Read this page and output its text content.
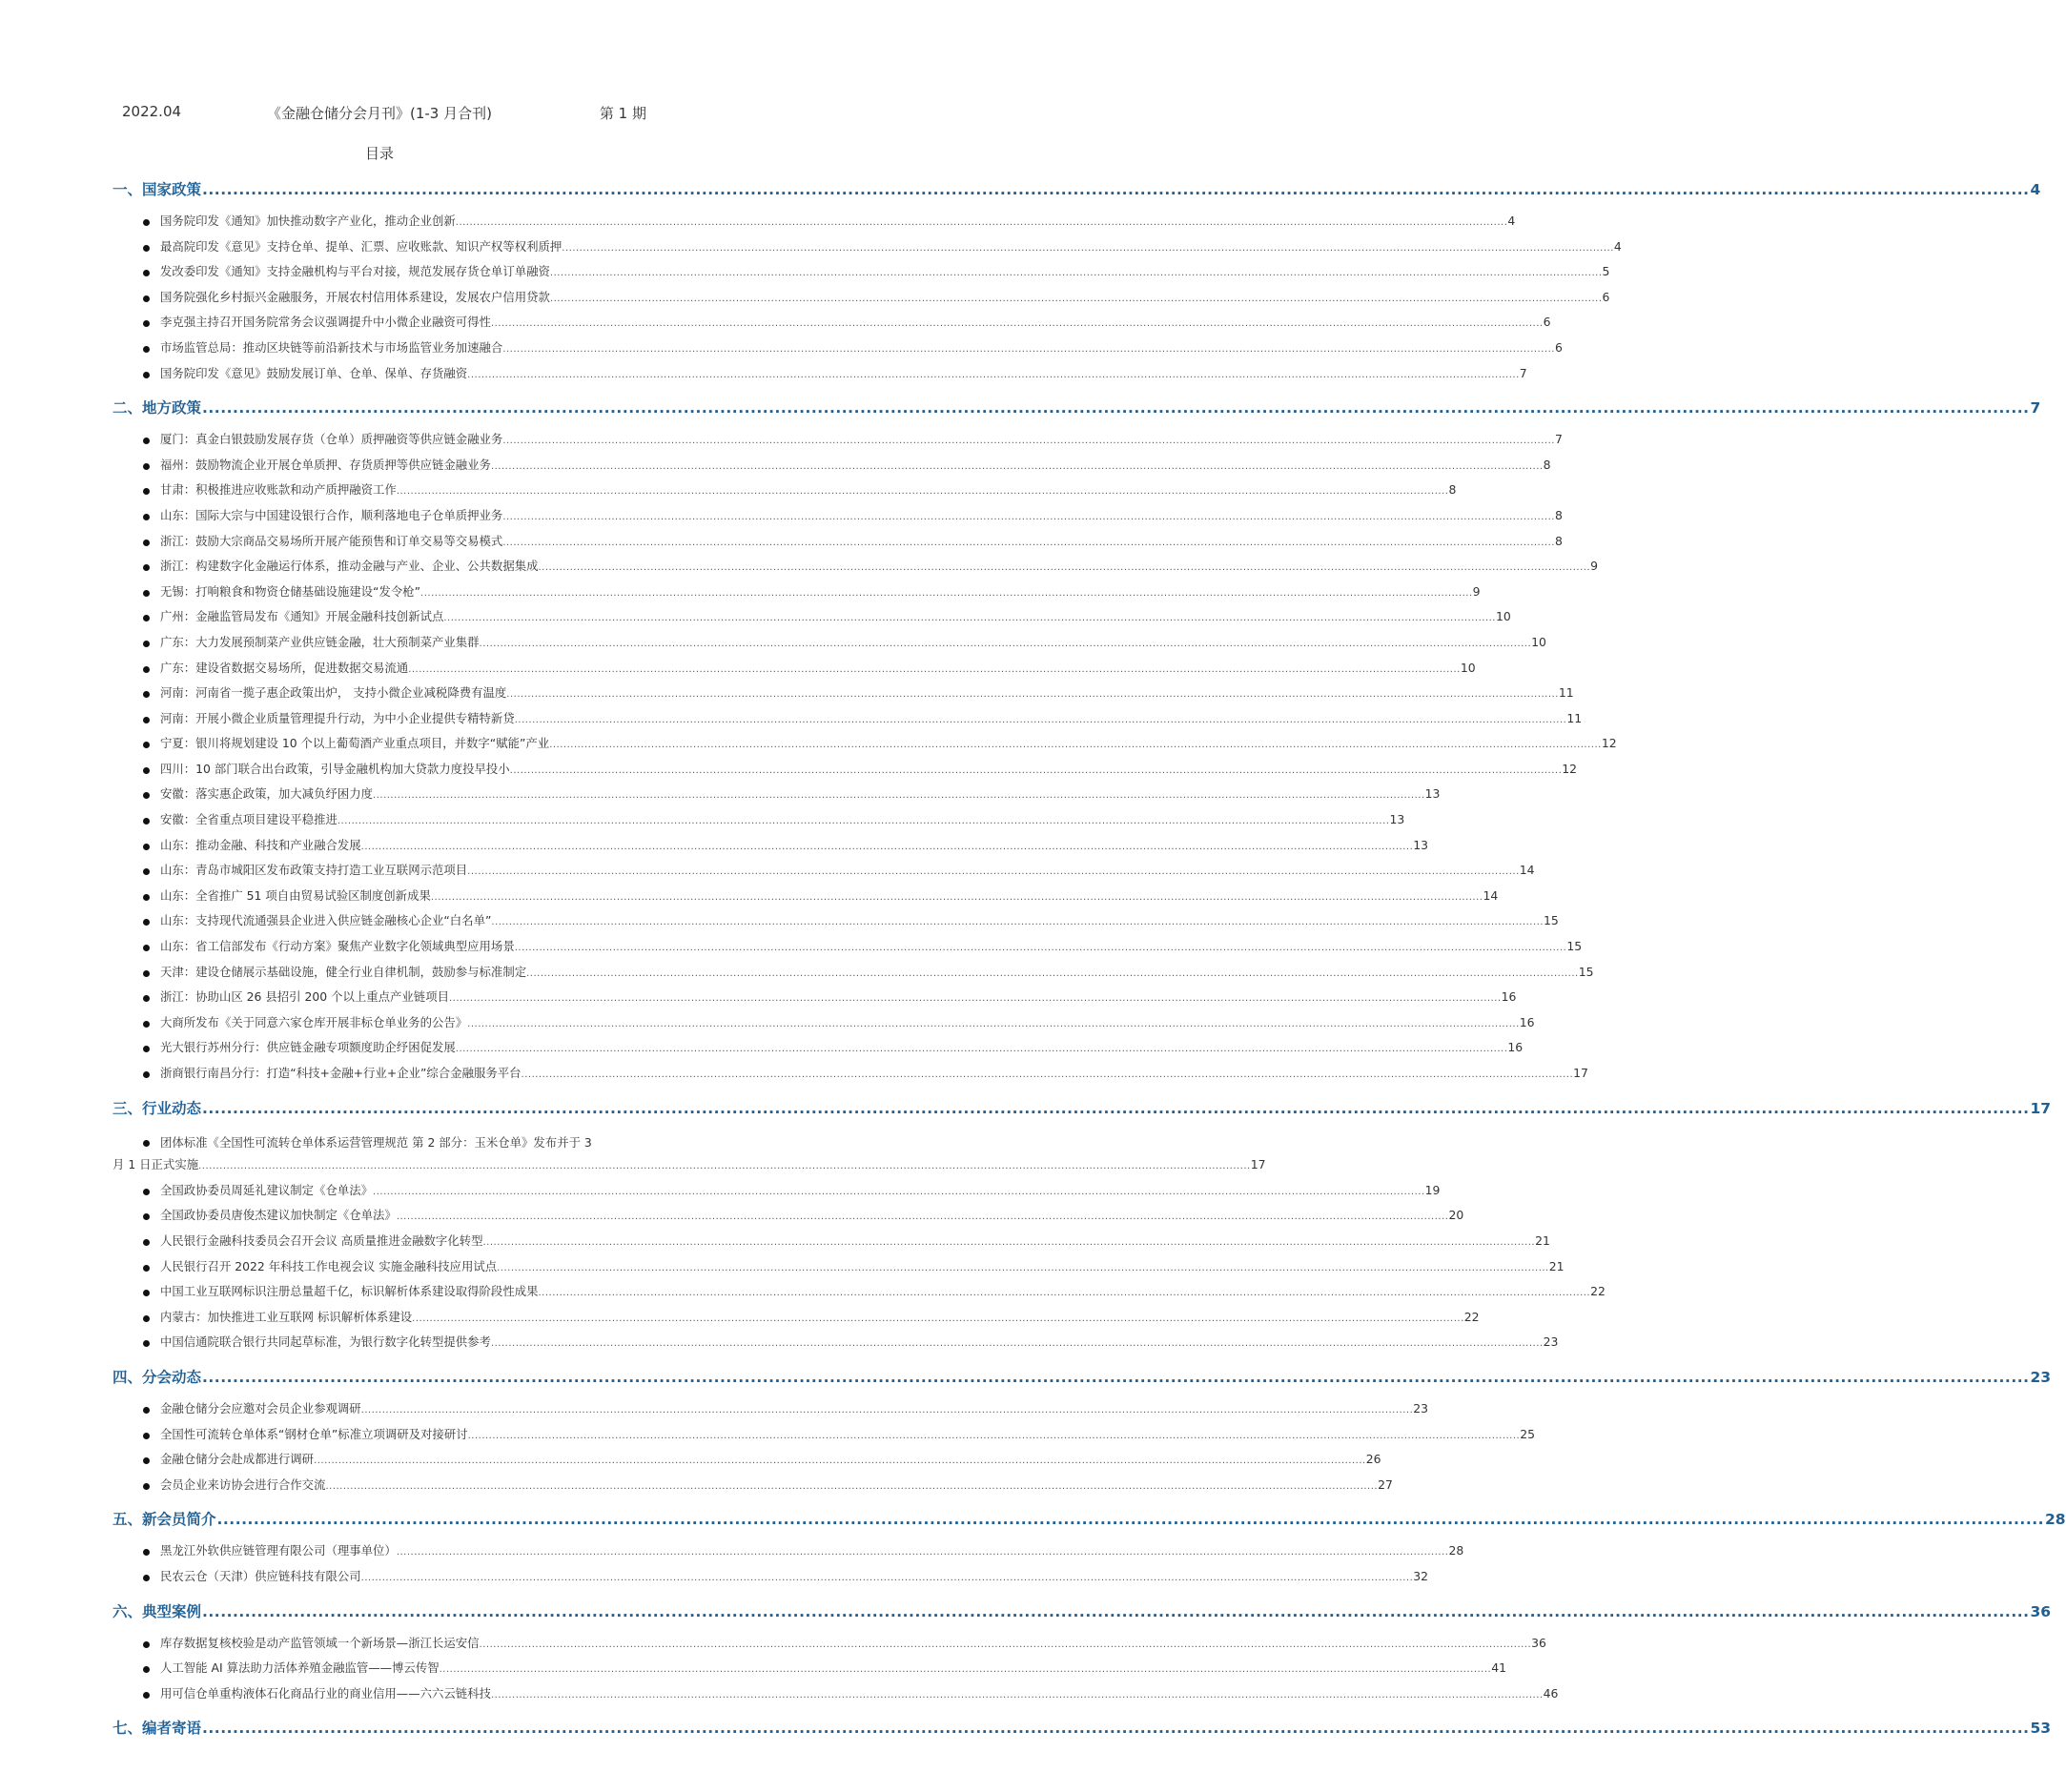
2022.04	《金融仓储分会月刊》(1-3 月合刊)	第 1 期
目录
一、 国家政策 ............................................................................................................................................................................................................................................................................................................ 4
国务院印发《通知》加快推动数字产业化，推动企业创新 ............................................................................................................................................................................................................................................................................................................ 4
最高院印发《意见》支持仓单、提单、汇票、应收账款、知识产权等权利质押 ............................................................................................................................................................................................................................................................................................................ 4
发改委印发《通知》支持金融机构与平台对接，规范发展存货仓单订单融资 ............................................................................................................................................................................................................................................................................................................ 5
国务院强化乡村振兴金融服务，开展农村信用体系建设，发展农户信用贷款 ............................................................................................................................................................................................................................................................................................................ 6
李克强主持召开国务院常务会议强调提升中小微企业融资可得性 ............................................................................................................................................................................................................................................................................................................ 6
市场监管总局：推动区块链等前沿新技术与市场监管业务加速融合 ............................................................................................................................................................................................................................................................................................................ 6
国务院印发《意见》鼓励发展订单、仓单、保单、存货融资 ............................................................................................................................................................................................................................................................................................................ 7
二、 地方政策 ............................................................................................................................................................................................................................................................................................................ 7
厦门：真金白银鼓励发展存货（仓单）质押融资等供应链金融业务 ............................................................................................................................................................................................................................................................................................................ 7
福州：鼓励物流企业开展仓单质押、存货质押等供应链金融业务 ............................................................................................................................................................................................................................................................................................................ 8
甘肃：积极推进应收账款和动产质押融资工作 ............................................................................................................................................................................................................................................................................................................ 8
山东：国际大宗与中国建设银行合作，顺利落地电子仓单质押业务 ............................................................................................................................................................................................................................................................................................................ 8
浙江：鼓励大宗商品交易场所开展产能预售和订单交易等交易模式 ............................................................................................................................................................................................................................................................................................................ 8
浙江：构建数字化金融运行体系，推动金融与产业、企业、公共数据集成 ............................................................................................................................................................................................................................................................................................................ 9
无锡：打响粮食和物资仓储基础设施建设“发令枪” ............................................................................................................................................................................................................................................................................................................ 9
广州：金融监管局发布《通知》开展金融科技创新试点 ............................................................................................................................................................................................................................................................................................................ 10
广东：大力发展预制菜产业供应链金融，壮大预制菜产业集群 ............................................................................................................................................................................................................................................................................................................ 10
广东：建设省数据交易场所，促进数据交易流通 ............................................................................................................................................................................................................................................................................................................ 10
河南：河南省一揽子惠企政策出炉， 支持小微企业减税降费有温度 ............................................................................................................................................................................................................................................................................................................ 11
河南：开展小微企业质量管理提升行动，为中小企业提供专精特新贷 ............................................................................................................................................................................................................................................................................................................ 11
宁夏：银川将规划建设 10 个以上葡萄酒产业重点项目，并数字“赋能”产业 ............................................................................................................................................................................................................................................................................................................ 12
四川：10 部门联合出台政策，引导金融机构加大贷款力度投早投小 ............................................................................................................................................................................................................................................................................................................ 12
安徽：落实惠企政策，加大减负纾困力度 ............................................................................................................................................................................................................................................................................................................ 13
安徽：全省重点项目建设平稳推进 ............................................................................................................................................................................................................................................................................................................ 13
山东：推动金融、科技和产业融合发展 ............................................................................................................................................................................................................................................................................................................ 13
山东：青岛市城阳区发布政策支持打造工业互联网示范项目 ............................................................................................................................................................................................................................................................................................................ 14
山东：全省推广 51 项自由贸易试验区制度创新成果 ............................................................................................................................................................................................................................................................................................................ 14
山东：支持现代流通强县企业进入供应链金融核心企业“白名单” ............................................................................................................................................................................................................................................................................................................ 15
山东：省工信部发布《行动方案》聚焦产业数字化领域典型应用场景 ............................................................................................................................................................................................................................................................................................................ 15
天津：建设仓储展示基础设施，健全行业自律机制，鼓励参与标准制定 ............................................................................................................................................................................................................................................................................................................ 15
浙江：协助山区 26 县招引 200 个以上重点产业链项目 ............................................................................................................................................................................................................................................................................................................ 16
大商所发布《关于同意六家仓库开展非标仓单业务的公告》 ............................................................................................................................................................................................................................................................................................................ 16
光大银行苏州分行：供应链金融专项额度助企纾困促发展 ............................................................................................................................................................................................................................................................................................................ 16
浙商银行南昌分行：打造“科技+金融+行业+企业”综合金融服务平台 ............................................................................................................................................................................................................................................................................................................ 17
三、 行业动态 ............................................................................................................................................................................................................................................................................................................ 17
团体标准《全国性可流转仓单体系运营管理规范 第 2 部分：玉米仓单》发布并于 3
月 1 日正式实施 ............................................................................................................................................................................................................................................................................................................ 17
全国政协委员周延礼建议制定《仓单法》 ............................................................................................................................................................................................................................................................................................................ 19
全国政协委员唐俊杰建议加快制定《仓单法》 ............................................................................................................................................................................................................................................................................................................ 20
人民银行金融科技委员会召开会议 高质量推进金融数字化转型 ............................................................................................................................................................................................................................................................................................................ 21
人民银行召开 2022 年科技工作电视会议 实施金融科技应用试点 ............................................................................................................................................................................................................................................................................................................ 21
中国工业互联网标识注册总量超千亿，标识解析体系建设取得阶段性成果 ............................................................................................................................................................................................................................................................................................................ 22
内蒙古：加快推进工业互联网 标识解析体系建设 ............................................................................................................................................................................................................................................................................................................ 22
中国信通院联合银行共同起草标准，为银行数字化转型提供参考 ............................................................................................................................................................................................................................................................................................................ 23
四、 分会动态 ............................................................................................................................................................................................................................................................................................................ 23
金融仓储分会应邀对会员企业参观调研 ............................................................................................................................................................................................................................................................................................................ 23
全国性可流转仓单体系“钢材仓单”标准立项调研及对接研讨 ............................................................................................................................................................................................................................................................................................................ 25
金融仓储分会赴成都进行调研 ............................................................................................................................................................................................................................................................................................................ 26
会员企业来访协会进行合作交流 ............................................................................................................................................................................................................................................................................................................ 27
五、 新会员简介 ............................................................................................................................................................................................................................................................................................................ 28
黑龙江外软供应链管理有限公司（理事单位） ............................................................................................................................................................................................................................................................................................................ 28
民农云仓（天津）供应链科技有限公司 ............................................................................................................................................................................................................................................................................................................ 32
六、 典型案例 ............................................................................................................................................................................................................................................................................................................ 36
库存数据复核校验是动产监管领域一个新场景—浙江长运安信 ............................................................................................................................................................................................................................................................................................................ 36
人工智能 AI 算法助力活体养殖金融监管——博云传智 ............................................................................................................................................................................................................................................................................................................ 41
用可信仓单重构液体石化商品行业的商业信用——六六云链科技 ............................................................................................................................................................................................................................................................................................................ 46
七、 编者寄语 ............................................................................................................................................................................................................................................................................................................ 53
